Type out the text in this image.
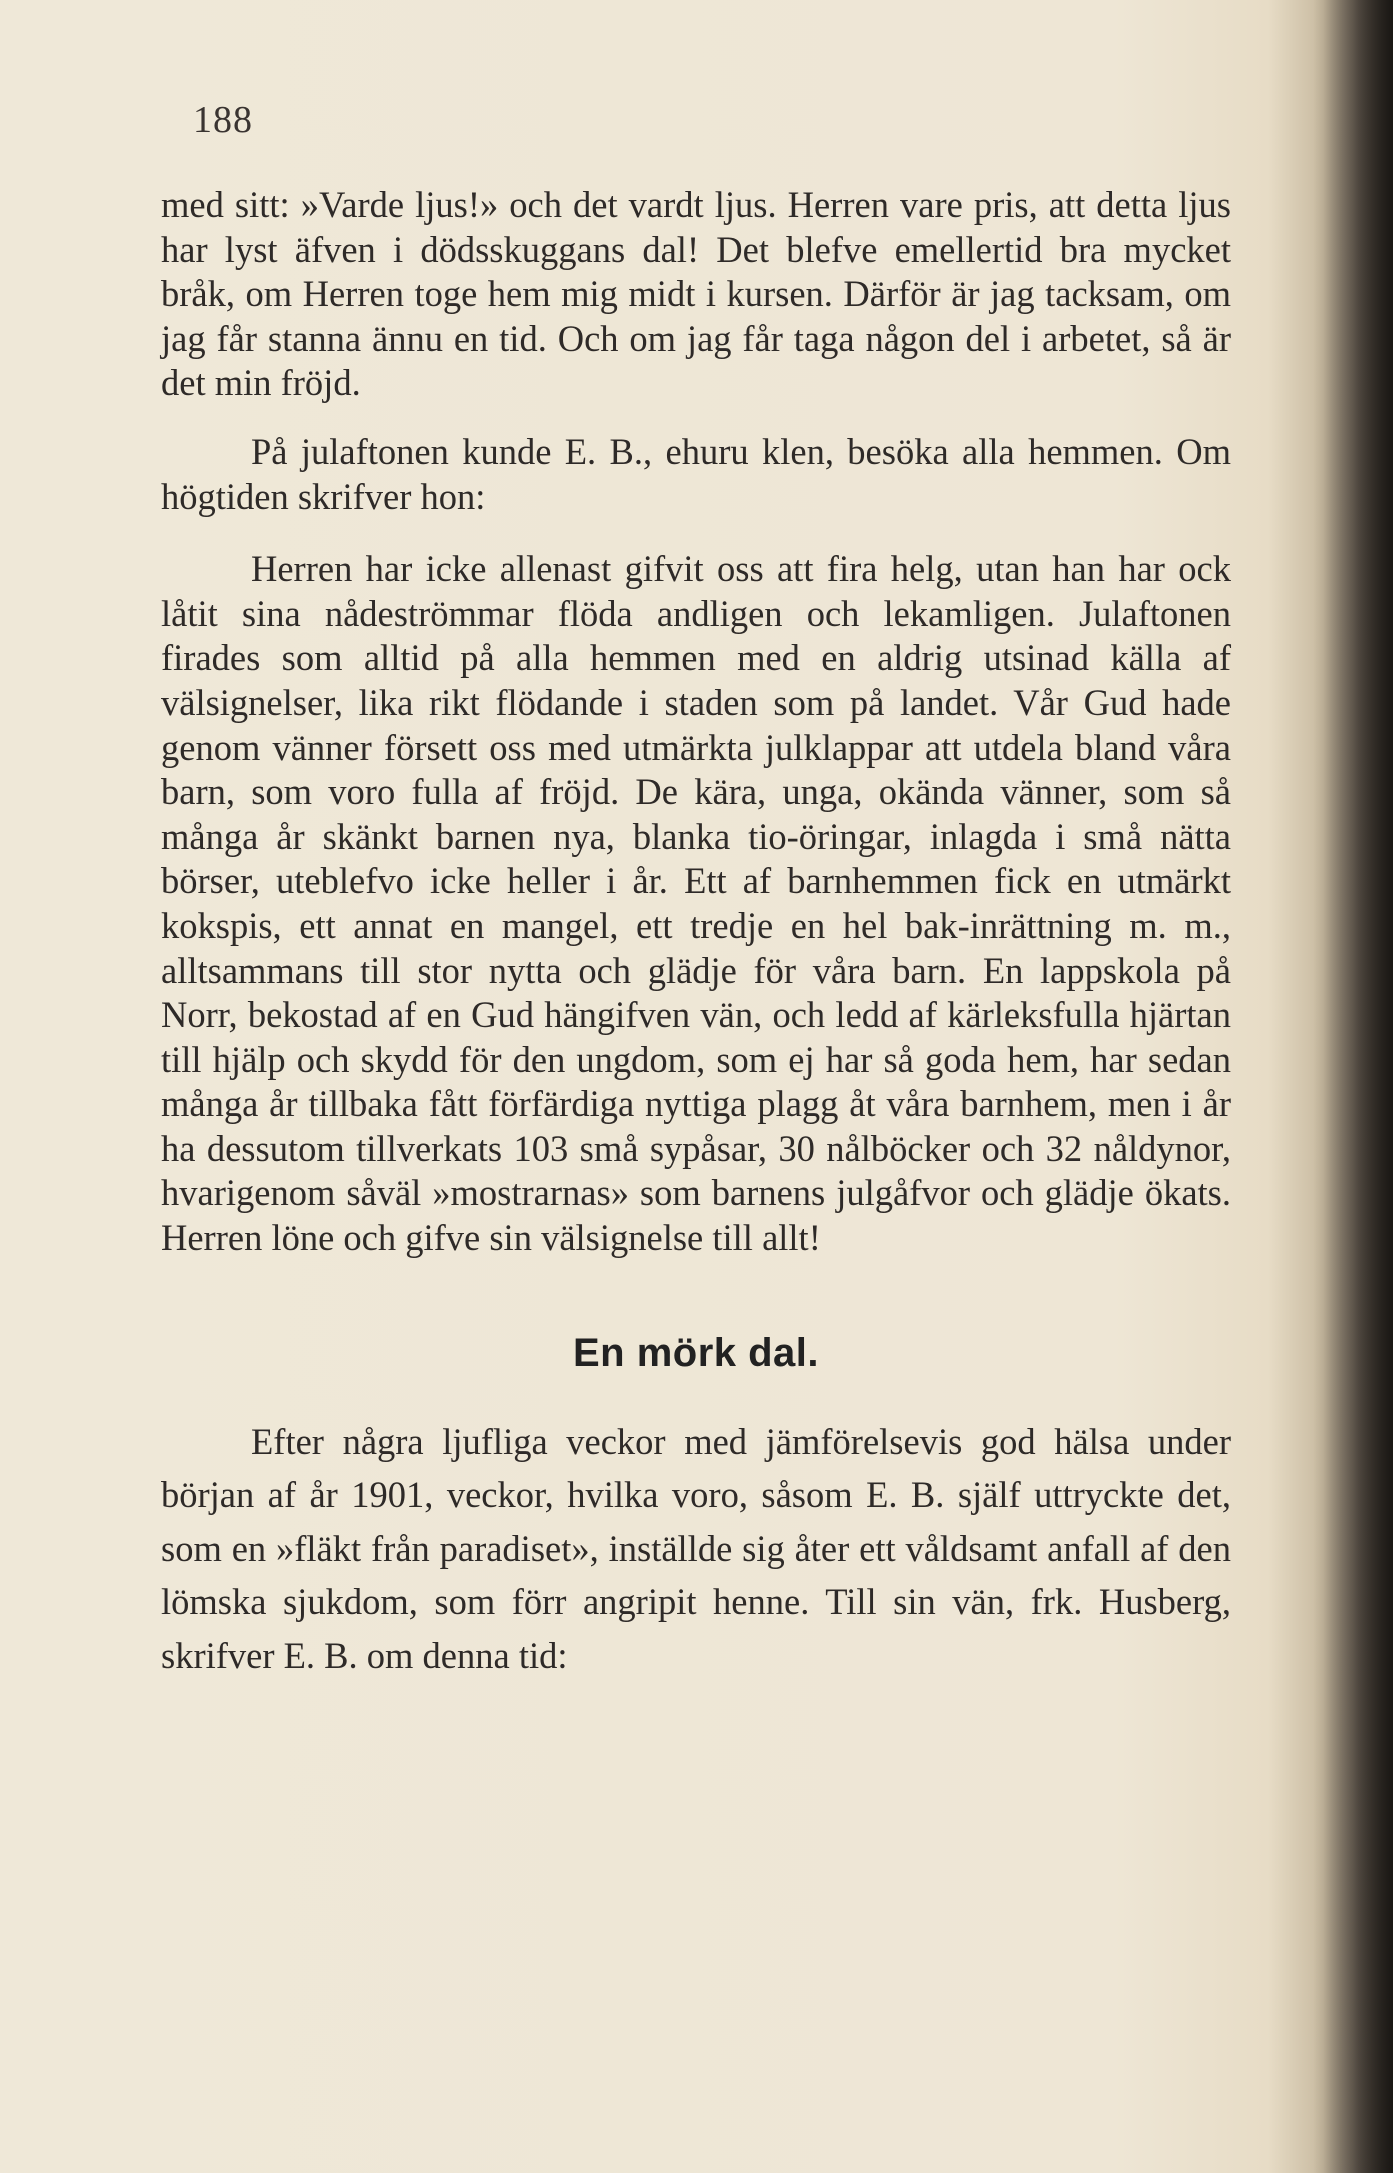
188

med sitt: »Varde ljus!» och det vardt ljus. Herren vare pris, att detta ljus har lyst äfven i dödsskuggans dal! Det blefve emellertid bra mycket bråk, om Herren toge hem mig midt i kursen. Därför är jag tacksam, om jag får stanna ännu en tid. Och om jag får taga någon del i arbetet, så är det min fröjd.

På julaftonen kunde E. B., ehuru klen, besöka alla hemmen. Om högtiden skrifver hon:

Herren har icke allenast gifvit oss att fira helg, utan han har ock låtit sina nådeströmmar flöda andligen och lekamligen. Julaftonen firades som alltid på alla hemmen med en aldrig utsinad källa af välsignelser, lika rikt flödande i staden som på landet. Vår Gud hade genom vänner försett oss med utmärkta julklappar att utdela bland våra barn, som voro fulla af fröjd. De kära, unga, okända vänner, som så många år skänkt barnen nya, blanka tio-öringar, inlagda i små nätta börser, uteblefvo icke heller i år. Ett af barnhemmen fick en utmärkt kokspis, ett annat en mangel, ett tredje en hel bak-inrättning m. m., alltsammans till stor nytta och glädje för våra barn. En lappskola på Norr, bekostad af en Gud hängifven vän, och ledd af kärleksfulla hjärtan till hjälp och skydd för den ungdom, som ej har så goda hem, har sedan många år tillbaka fått förfärdiga nyttiga plagg åt våra barnhem, men i år ha dessutom tillverkats 103 små sypåsar, 30 nålböcker och 32 nåldynor, hvarigenom såväl »mostrarnas» som barnens julgåfvor och glädje ökats. Herren löne och gifve sin välsignelse till allt!

En mörk dal.

Efter några ljufliga veckor med jämförelsevis god hälsa under början af år 1901, veckor, hvilka voro, såsom E. B. själf uttryckte det, som en »fläkt från paradiset», inställde sig åter ett våldsamt anfall af den lömska sjukdom, som förr angripit henne. Till sin vän, frk. Husberg, skrifver E. B. om denna tid:
